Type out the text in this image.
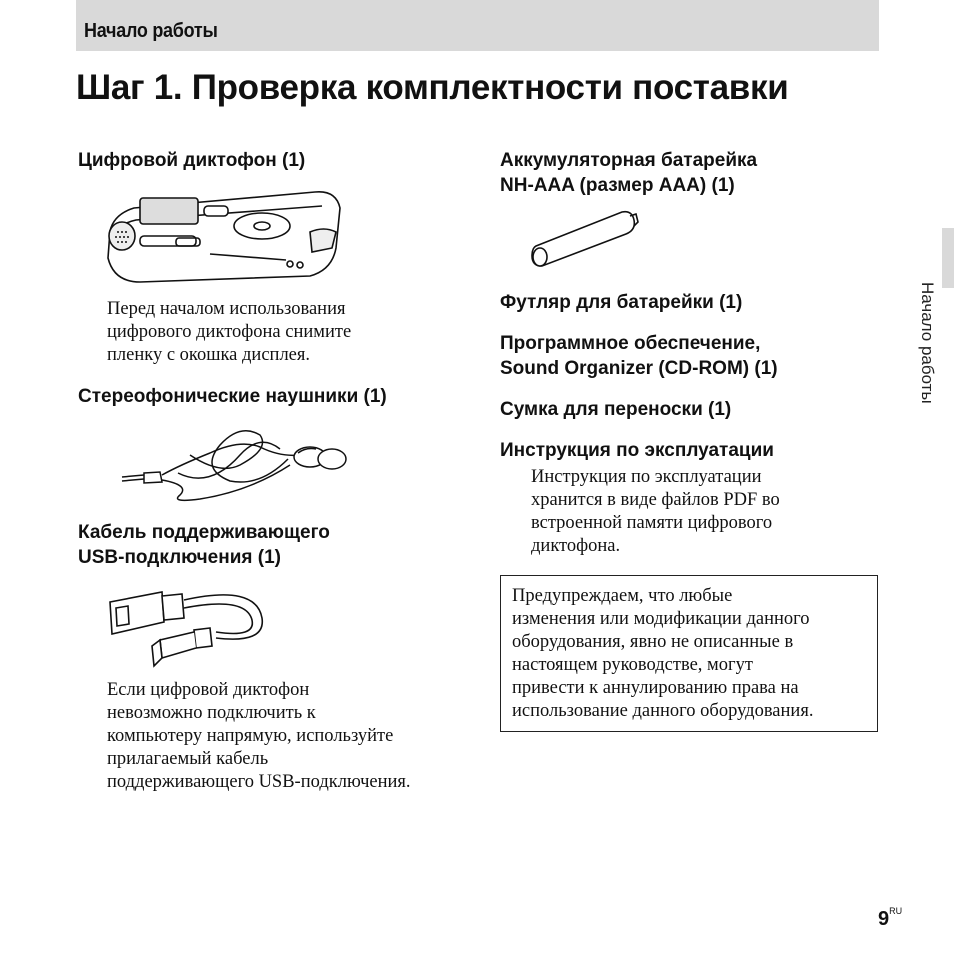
Начало работы
Шаг 1. Проверка комплектности поставки
Цифровой диктофон (1)
Перед началом использования
цифрового диктофона снимите
пленку с окошка дисплея.
Стереофонические наушники (1)
Кабель поддерживающего
USB-подключения (1)
Если цифровой диктофон
невозможно подключить к
компьютеру напрямую, используйте
прилагаемый кабель
поддерживающего USB-подключения.
Аккумуляторная батарейка
NH-AAA (размер AAA) (1)
Футляр для батарейки (1)
Программное обеспечение,
Sound Organizer (CD-ROM) (1)
Сумка для переноски (1)
Инструкция по эксплуатации
Инструкция по эксплуатации
хранится в виде файлов PDF во
встроенной памяти цифрового
диктофона.
Предупреждаем, что любые
изменения или модификации данного
оборудования, явно не описанные в
настоящем руководстве, могут
привести к аннулированию права на
использование данного оборудования.
Начало работы
$9^{RU}$
